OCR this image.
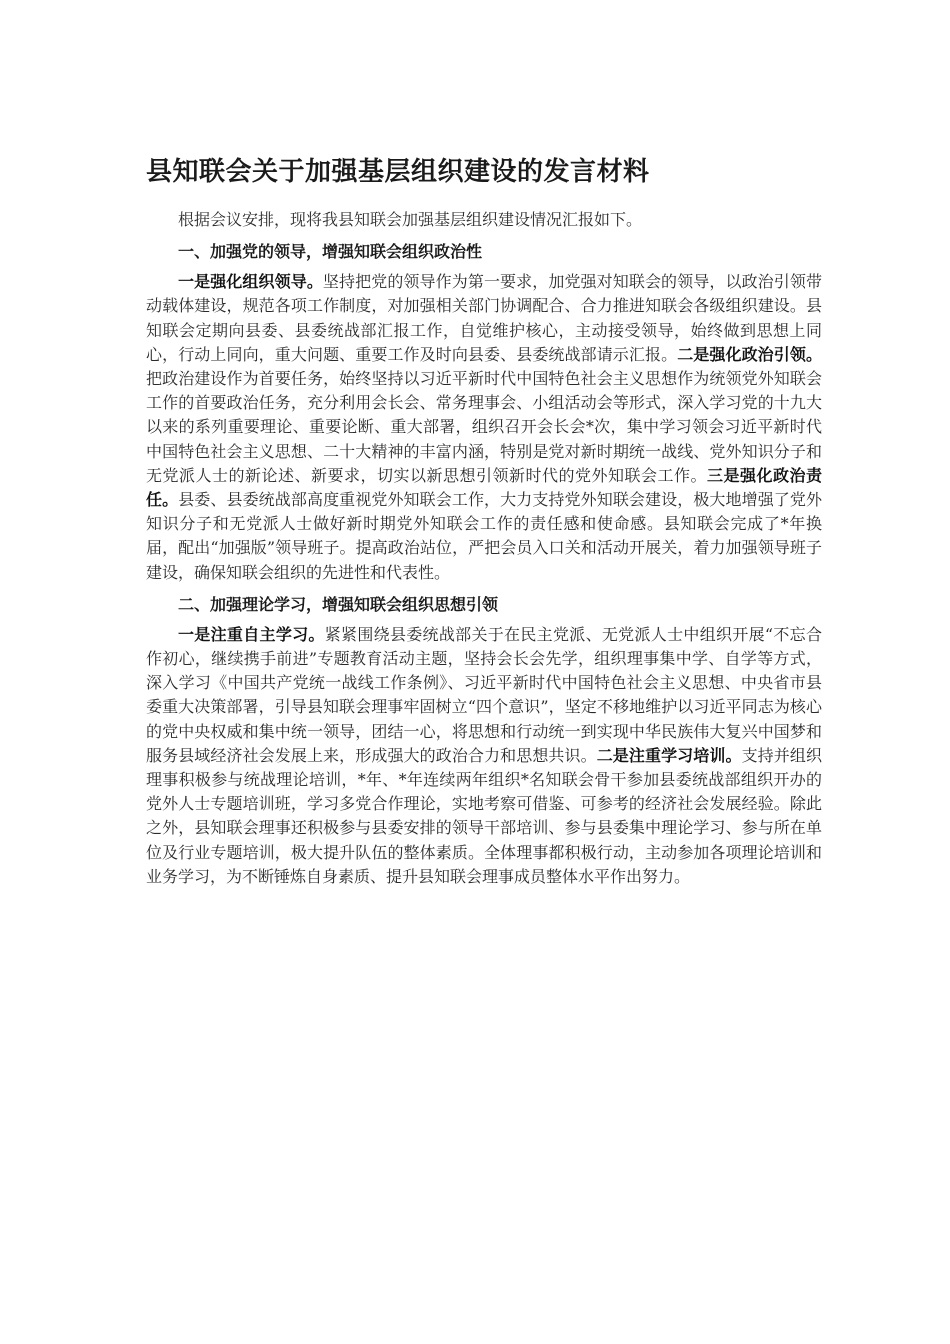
县知联会关于加强基层组织建设的发言材料

根据会议安排，现将我县知联会加强基层组织建设情况汇报如下。

一、加强党的领导，增强知联会组织政治性

一是强化组织领导。坚持把党的领导作为第一要求，加党强对知联会的领导，以政治引领带动载体建设，规范各项工作制度，对加强相关部门协调配合、合力推进知联会各级组织建设。县知联会定期向县委、县委统战部汇报工作，自觉维护核心，主动接受领导，始终做到思想上同心，行动上同向，重大问题、重要工作及时向县委、县委统战部请示汇报。二是强化政治引领。把政治建设作为首要任务，始终坚持以习近平新时代中国特色社会主义思想作为统领党外知联会工作的首要政治任务，充分利用会长会、常务理事会、小组活动会等形式，深入学习党的十九大以来的系列重要理论、重要论断、重大部署，组织召开会长会*次，集中学习领会习近平新时代中国特色社会主义思想、二十大精神的丰富内涵，特别是党对新时期统一战线、党外知识分子和无党派人士的新论述、新要求，切实以新思想引领新时代的党外知联会工作。三是强化政治责任。县委、县委统战部高度重视党外知联会工作，大力支持党外知联会建设，极大地增强了党外知识分子和无党派人士做好新时期党外知联会工作的责任感和使命感。县知联会完成了*年换届，配出“加强版”领导班子。提高政治站位，严把会员入口关和活动开展关，着力加强领导班子建设，确保知联会组织的先进性和代表性。

二、加强理论学习，增强知联会组织思想引领

一是注重自主学习。紧紧围绕县委统战部关于在民主党派、无党派人士中组织开展“不忘合作初心，继续携手前进”专题教育活动主题，坚持会长会先学，组织理事集中学、自学等方式，深入学习《中国共产党统一战线工作条例》、习近平新时代中国特色社会主义思想、中央省市县委重大决策部署，引导县知联会理事牢固树立“四个意识”，坚定不移地维护以习近平同志为核心的党中央权威和集中统一领导，团结一心，将思想和行动统一到实现中华民族伟大复兴中国梦和服务县域经济社会发展上来，形成强大的政治合力和思想共识。二是注重学习培训。支持并组织理事积极参与统战理论培训，*年、*年连续两年组织*名知联会骨干参加县委统战部组织开办的党外人士专题培训班，学习多党合作理论，实地考察可借鉴、可参考的经济社会发展经验。除此之外，县知联会理事还积极参与县委安排的领导干部培训、参与县委集中理论学习、参与所在单位及行业专题培训，极大提升队伍的整体素质。全体理事都积极行动，主动参加各项理论培训和业务学习，为不断锤炼自身素质、提升县知联会理事成员整体水平作出努力。
